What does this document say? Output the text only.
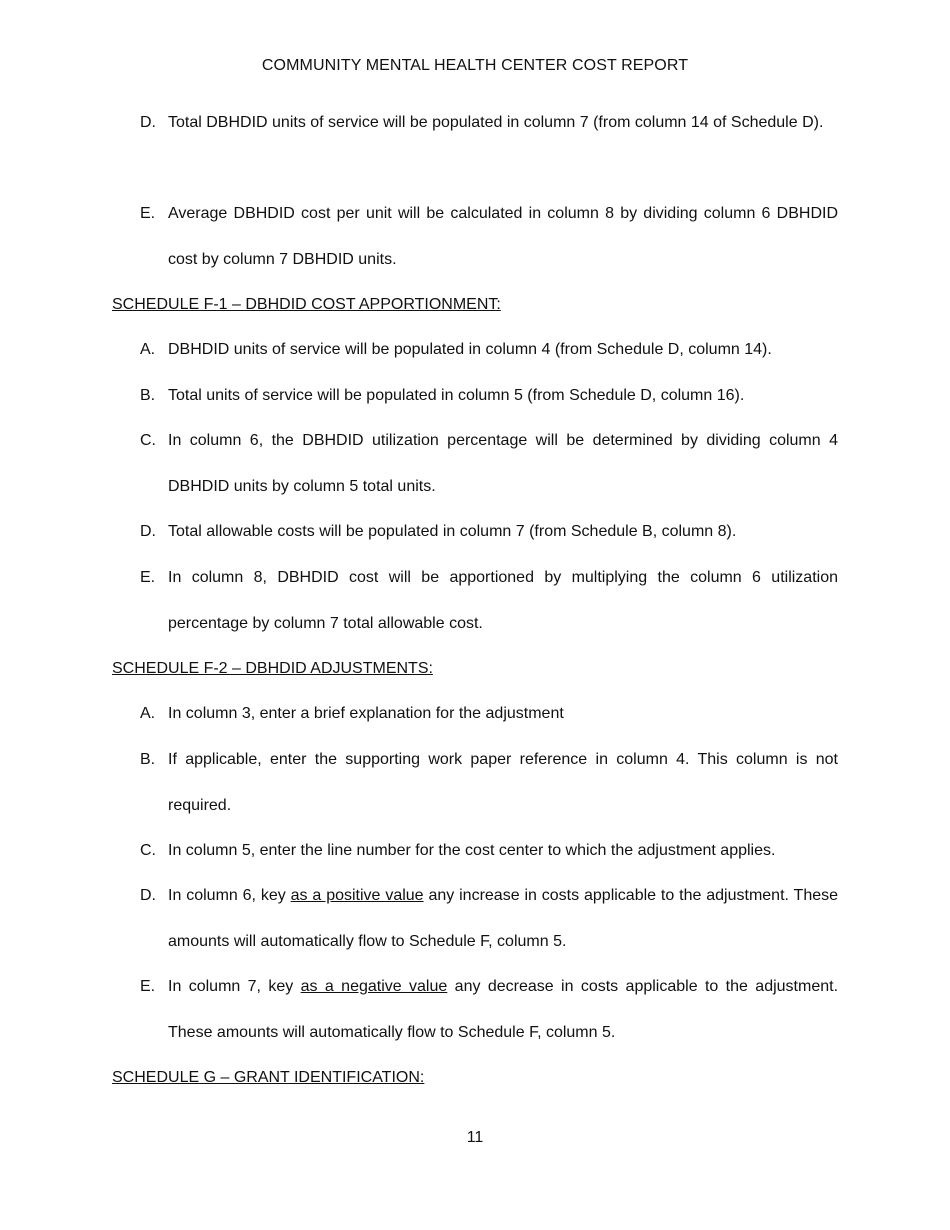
COMMUNITY MENTAL HEALTH CENTER COST REPORT
D. Total DBHDID units of service will be populated in column 7 (from column 14 of Schedule D).
E. Average DBHDID cost per unit will be calculated in column 8 by dividing column 6 DBHDID cost by column 7 DBHDID units.
SCHEDULE F-1 – DBHDID COST APPORTIONMENT:
A. DBHDID units of service will be populated in column 4 (from Schedule D, column 14).
B. Total units of service will be populated in column 5 (from Schedule D, column 16).
C. In column 6, the DBHDID utilization percentage will be determined by dividing column 4 DBHDID units by column 5 total units.
D. Total allowable costs will be populated in column 7 (from Schedule B, column 8).
E. In column 8, DBHDID cost will be apportioned by multiplying the column 6 utilization percentage by column 7 total allowable cost.
SCHEDULE F-2 – DBHDID ADJUSTMENTS:
A. In column 3, enter a brief explanation for the adjustment
B. If applicable, enter the supporting work paper reference in column 4. This column is not required.
C. In column 5, enter the line number for the cost center to which the adjustment applies.
D. In column 6, key as a positive value any increase in costs applicable to the adjustment. These amounts will automatically flow to Schedule F, column 5.
E. In column 7, key as a negative value any decrease in costs applicable to the adjustment. These amounts will automatically flow to Schedule F, column 5.
SCHEDULE G – GRANT IDENTIFICATION:
11
